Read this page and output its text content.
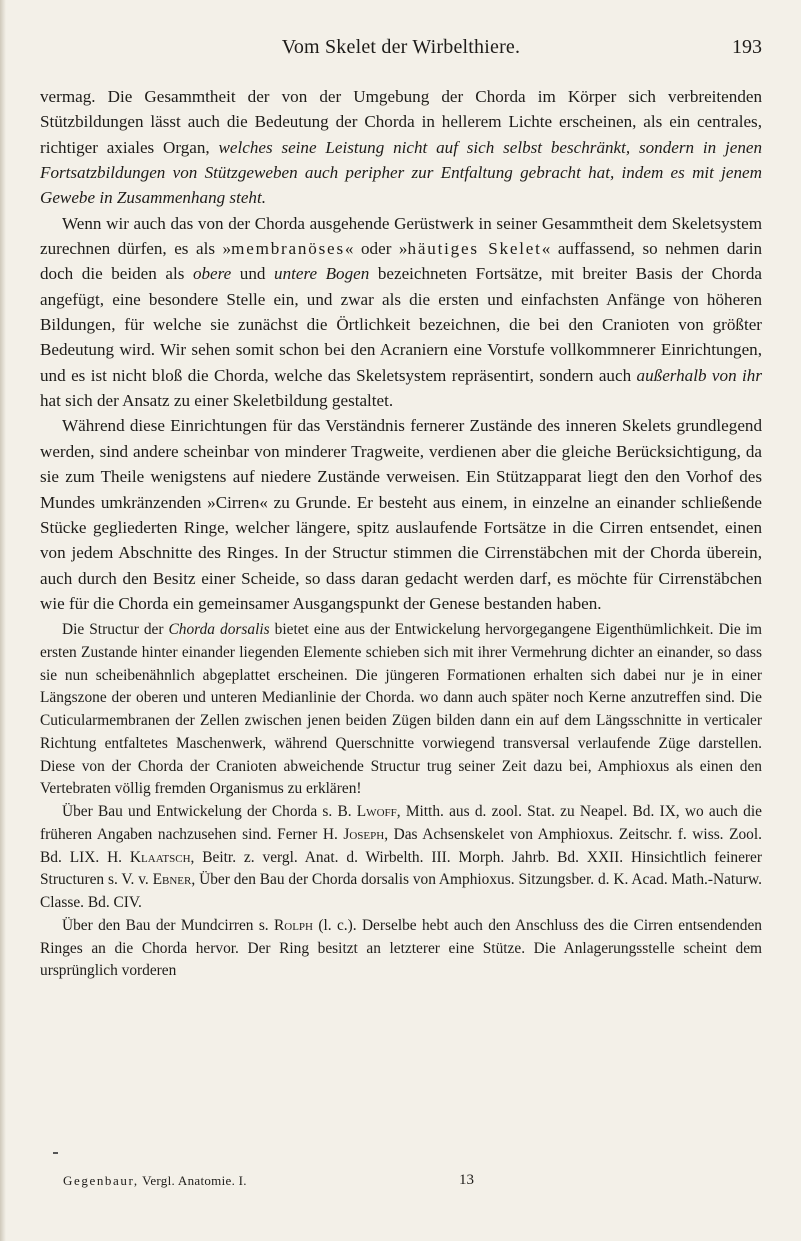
Vom Skelet der Wirbelthiere.	193

vermag. Die Gesammtheit der von der Umgebung der Chorda im Körper sich verbreitenden Stützbildungen lässt auch die Bedeutung der Chorda in hellerem Lichte erscheinen, als ein centrales, richtiger axiales Organ, welches seine Leistung nicht auf sich selbst beschränkt, sondern in jenen Fortsatzbildungen von Stützgeweben auch peripher zur Entfaltung gebracht hat, indem es mit jenem Gewebe in Zusammenhang steht.

Wenn wir auch das von der Chorda ausgehende Gerüstwerk in seiner Gesammtheit dem Skeletsystem zurechnen dürfen, es als »membranöses« oder »häutiges Skelet« auffassend, so nehmen darin doch die beiden als obere und untere Bogen bezeichneten Fortsätze, mit breiter Basis der Chorda angefügt, eine besondere Stelle ein, und zwar als die ersten und einfachsten Anfänge von höheren Bildungen, für welche sie zunächst die Örtlichkeit bezeichnen, die bei den Cranioten von größter Bedeutung wird. Wir sehen somit schon bei den Acraniern eine Vorstufe vollkommnerer Einrichtungen, und es ist nicht bloß die Chorda, welche das Skeletsystem repräsentirt, sondern auch außerhalb von ihr hat sich der Ansatz zu einer Skeletbildung gestaltet.

Während diese Einrichtungen für das Verständnis fernerer Zustände des inneren Skelets grundlegend werden, sind andere scheinbar von minderer Tragweite, verdienen aber die gleiche Berücksichtigung, da sie zum Theile wenigstens auf niedere Zustände verweisen. Ein Stützapparat liegt den den Vorhof des Mundes umkränzenden »Cirren« zu Grunde. Er besteht aus einem, in einzelne an einander schließende Stücke gegliederten Ringe, welcher längere, spitz auslaufende Fortsätze in die Cirren entsendet, einen von jedem Abschnitte des Ringes. In der Structur stimmen die Cirrenstäbchen mit der Chorda überein, auch durch den Besitz einer Scheide, so dass daran gedacht werden darf, es möchte für Cirrenstäbchen wie für die Chorda ein gemeinsamer Ausgangspunkt der Genese bestanden haben.

Die Structur der Chorda dorsalis bietet eine aus der Entwickelung hervorgegangene Eigenthümlichkeit. Die im ersten Zustande hinter einander liegenden Elemente schieben sich mit ihrer Vermehrung dichter an einander, so dass sie nun scheibenähnlich abgeplattet erscheinen. Die jüngeren Formationen erhalten sich dabei nur je in einer Längszone der oberen und unteren Medianlinie der Chorda. wo dann auch später noch Kerne anzutreffen sind. Die Cuticularmembranen der Zellen zwischen jenen beiden Zügen bilden dann ein auf dem Längsschnitte in verticaler Richtung entfaltetes Maschenwerk, während Querschnitte vorwiegend transversal verlaufende Züge darstellen. Diese von der Chorda der Cranioten abweichende Structur trug seiner Zeit dazu bei, Amphioxus als einen den Vertebraten völlig fremden Organismus zu erklären!

Über Bau und Entwickelung der Chorda s. B. Lwoff, Mitth. aus d. zool. Stat. zu Neapel. Bd. IX, wo auch die früheren Angaben nachzusehen sind. Ferner H. Joseph, Das Achsenskelet von Amphioxus. Zeitschr. f. wiss. Zool. Bd. LIX. H. Klaatsch, Beitr. z. vergl. Anat. d. Wirbelth. III. Morph. Jahrb. Bd. XXII. Hinsichtlich feinerer Structuren s. V. v. Ebner, Über den Bau der Chorda dorsalis von Amphioxus. Sitzungsber. d. K. Acad. Math.-Naturw. Classe. Bd. CIV.

Über den Bau der Mundcirren s. Rolph (l. c.). Derselbe hebt auch den Anschluss des die Cirren entsendenden Ringes an die Chorda hervor. Der Ring besitzt an letzterer eine Stütze. Die Anlagerungsstelle scheint dem ursprünglich vorderen

Gegenbaur, Vergl. Anatomie. I.	13
